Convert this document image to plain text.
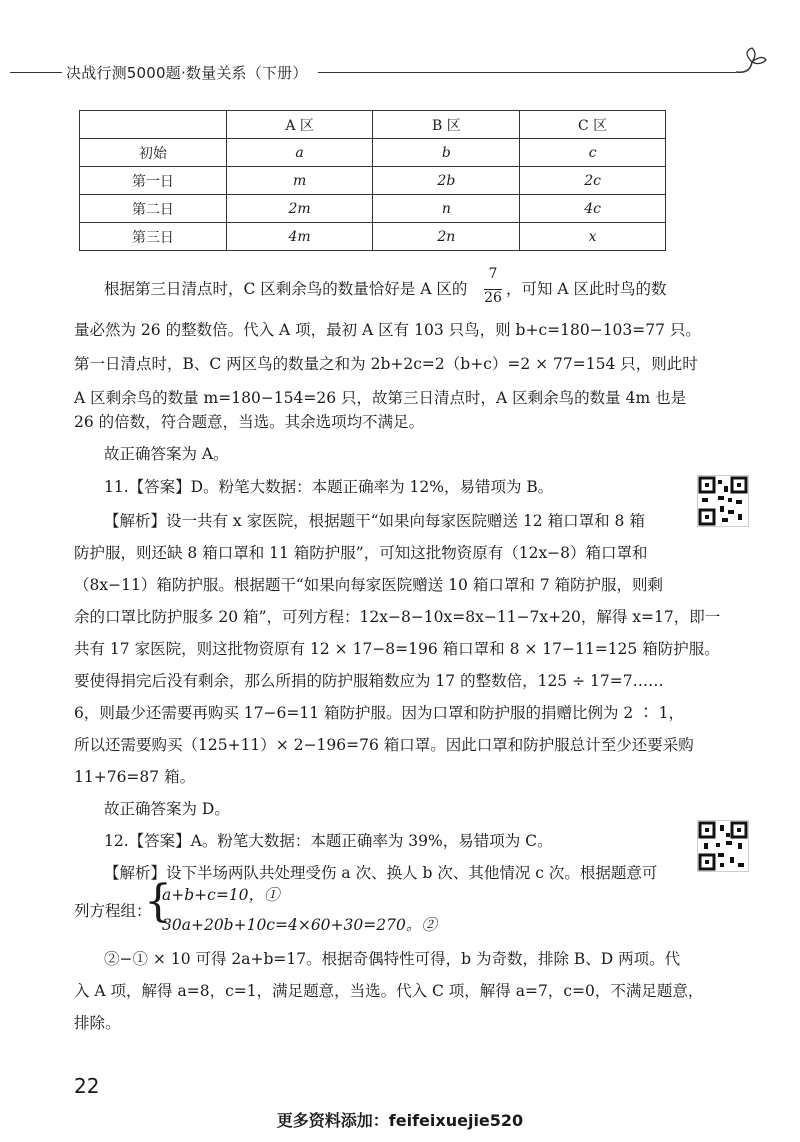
决战行测5000题·数量关系（下册）
	A 区	B 区	C 区
初始	a	b	c
第一日	m	2b	2c
第二日	2m	n	4c
第三日	4m	2n	x
根据第三日清点时，C 区剩余鸟的数量恰好是 A 区的
7
26 ，可知 A 区此时鸟的数
量必然为 26 的整数倍。代入 A 项，最初 A 区有 103 只鸟，则 b+c=180−103=77 只。
第一日清点时，B、C 两区鸟的数量之和为 2b+2c=2（b+c）=2 × 77=154 只，则此时
A 区剩余鸟的数量 m=180−154=26 只，故第三日清点时，A 区剩余鸟的数量 4m 也是
26 的倍数，符合题意，当选。其余选项均不满足。
故正确答案为 A。
11.【答案】D。粉笔大数据：本题正确率为 12%，易错项为 B。
【解析】设一共有 x 家医院，根据题干“如果向每家医院赠送 12 箱口罩和 8 箱
防护服，则还缺 8 箱口罩和 11 箱防护服”，可知这批物资原有（12x−8）箱口罩和
（8x−11）箱防护服。根据题干“如果向每家医院赠送 10 箱口罩和 7 箱防护服，则剩
余的口罩比防护服多 20 箱”，可列方程：12x−8−10x=8x−11−7x+20，解得 x=17，即一
共有 17 家医院，则这批物资原有 12 × 17−8=196 箱口罩和 8 × 17−11=125 箱防护服。
要使得捐完后没有剩余，那么所捐的防护服箱数应为 17 的整数倍，125 ÷ 17=7……
6，则最少还需要再购买 17−6=11 箱防护服。因为口罩和防护服的捐赠比例为 2 ∶ 1，
所以还需要购买（125+11）× 2−196=76 箱口罩。因此口罩和防护服总计至少还要采购
11+76=87 箱。
故正确答案为 D。
12.【答案】A。粉笔大数据：本题正确率为 39%，易错项为 C。
【解析】设下半场两队共处理受伤 a 次、换人 b 次、其他情况 c 次。根据题意可
列方程组：
{
a+b+c=10，①
30a+20b+10c=4×60+30=270。②
②−① × 10 可得 2a+b=17。根据奇偶特性可得，b 为奇数，排除 B、D 两项。代
入 A 项，解得 a=8，c=1，满足题意，当选。代入 C 项，解得 a=7，c=0，不满足题意，
排除。
22
更多资料添加：feifeixuejie520
